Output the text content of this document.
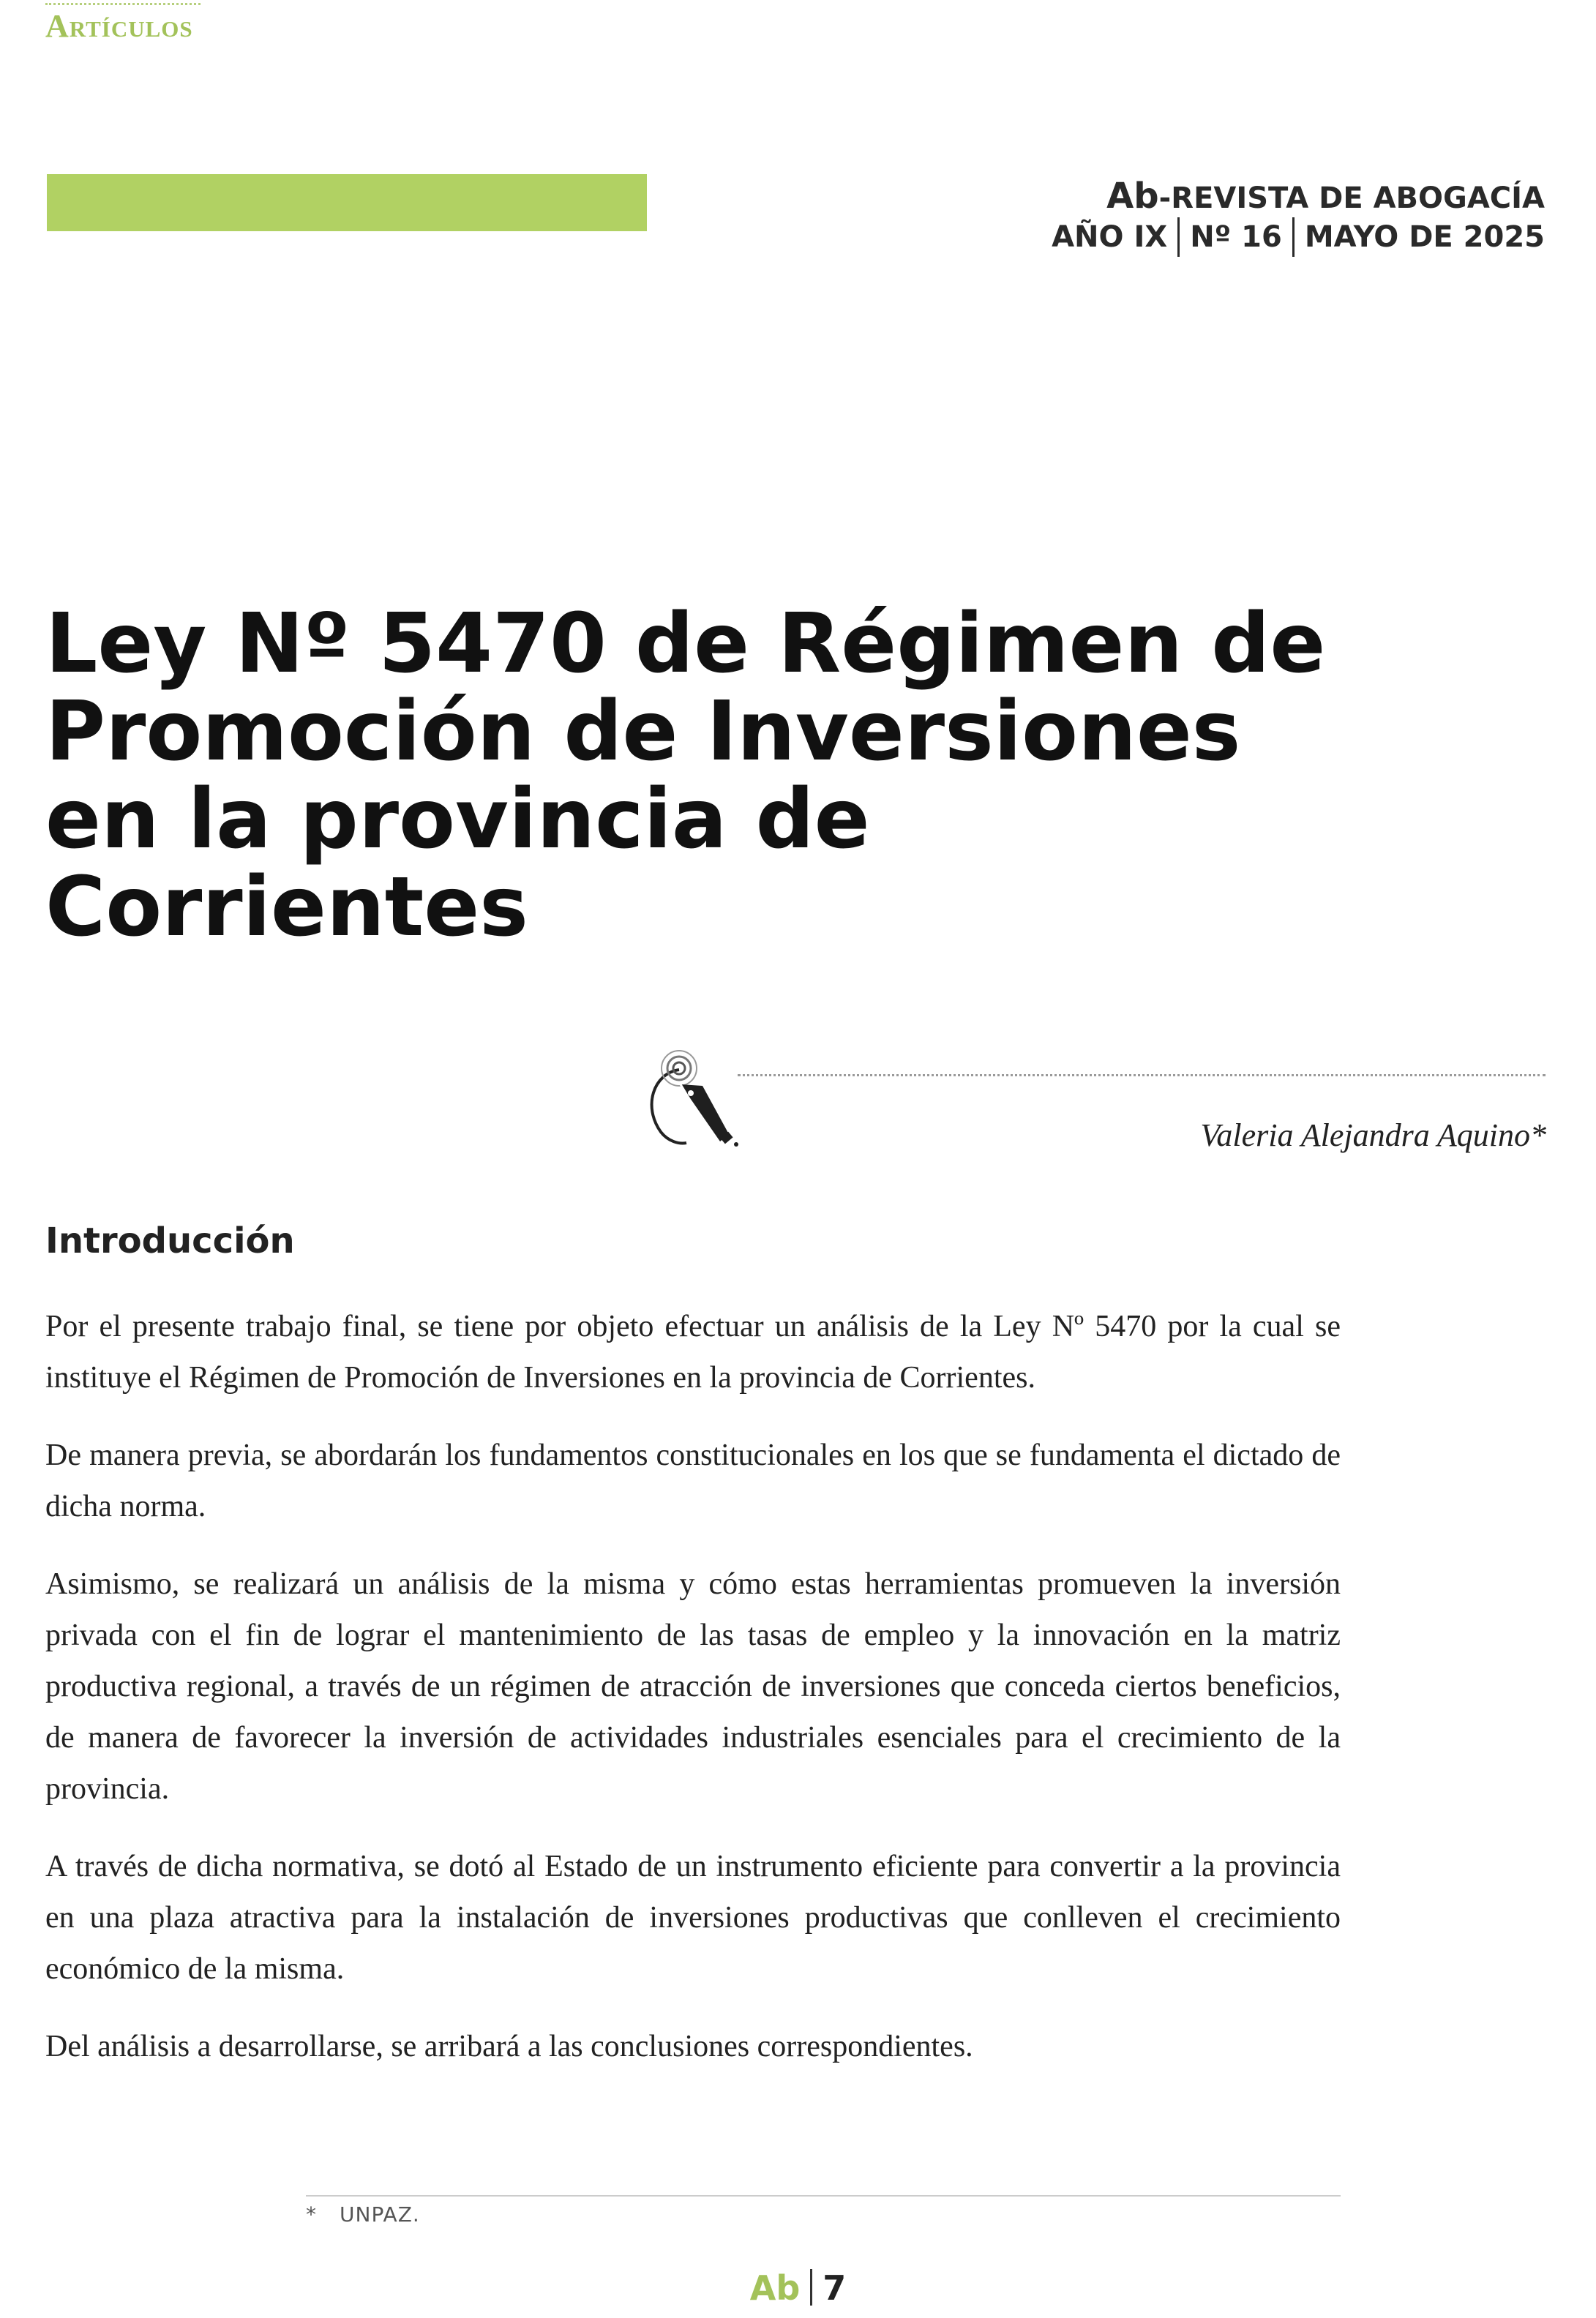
Artículos
Ab-REVISTA DE ABOGACÍA
AÑO IX Nº 16 MAYO DE 2025
Ley Nº 5470 de Régimen de
Promoción de Inversiones
en la provincia de Corrientes
Valeria Alejandra Aquino*
Introducción

Por el presente trabajo final, se tiene por objeto efectuar un análisis de la Ley Nº 5470 por la cual se instituye el Régimen de Promoción de Inversiones en la provincia de Corrientes.

De manera previa, se abordarán los fundamentos constitucionales en los que se fundamenta el dictado de dicha norma.

Asimismo, se realizará un análisis de la misma y cómo estas herramientas promueven la inversión privada con el fin de lograr el mantenimiento de las tasas de empleo y la innovación en la matriz productiva regional, a través de un régimen de atracción de inversiones que conceda ciertos beneficios, de manera de favorecer la inversión de actividades industriales esenciales para el crecimiento de la provincia.

A través de dicha normativa, se dotó al Estado de un instrumento eficiente para convertir a la provincia en una plaza atractiva para la instalación de inversiones productivas que conlleven el crecimiento económico de la misma.

Del análisis a desarrollarse, se arribará a las conclusiones correspondientes.

* UNPAZ.
Ab 7
